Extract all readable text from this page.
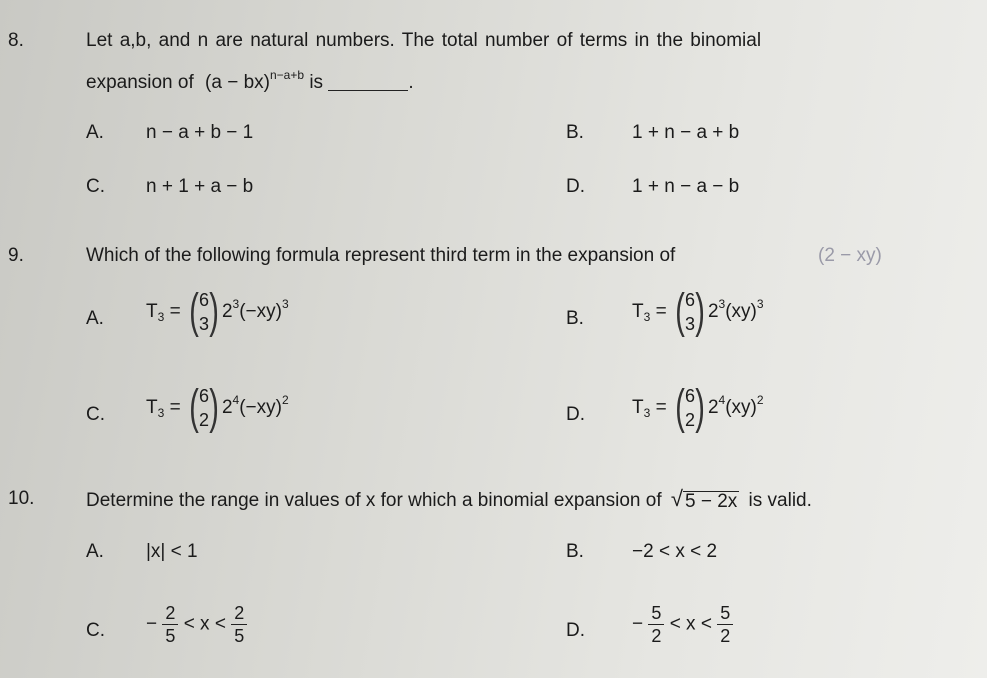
8.	Let a,b, and n are natural numbers. The total number of terms in the binomial
expansion of (a − bx)$^{n-a+b}$ is	.
A. n − a + b − 1	B.	1 + n − a + b
C. n + 1 + a − b	D. 1 + n − a − b
9.	Which of the following formula represent third term in the expansion of	(2 − xy)
A. $T_3$ = ( 6
3 ) $2^3(-xy)^3$
B.	$T_3$ = ( 6
3 ) $2^3(xy)^3$
C. $T_3$ = ( 6
2 ) $2^4(-xy)^2$
D. $T_3$ = ( 6
2 ) $2^4(xy)^2$
10.	Determine the range in values of x for which a binomial expansion of √ 5 − 2x is valid.
A. |x| < 1	B.	−2 < x < 2
C. − $\frac{2}{5} < x < \frac{2}{5}$	D. − $\frac{5}{2} < x < \frac{5}{2}$
